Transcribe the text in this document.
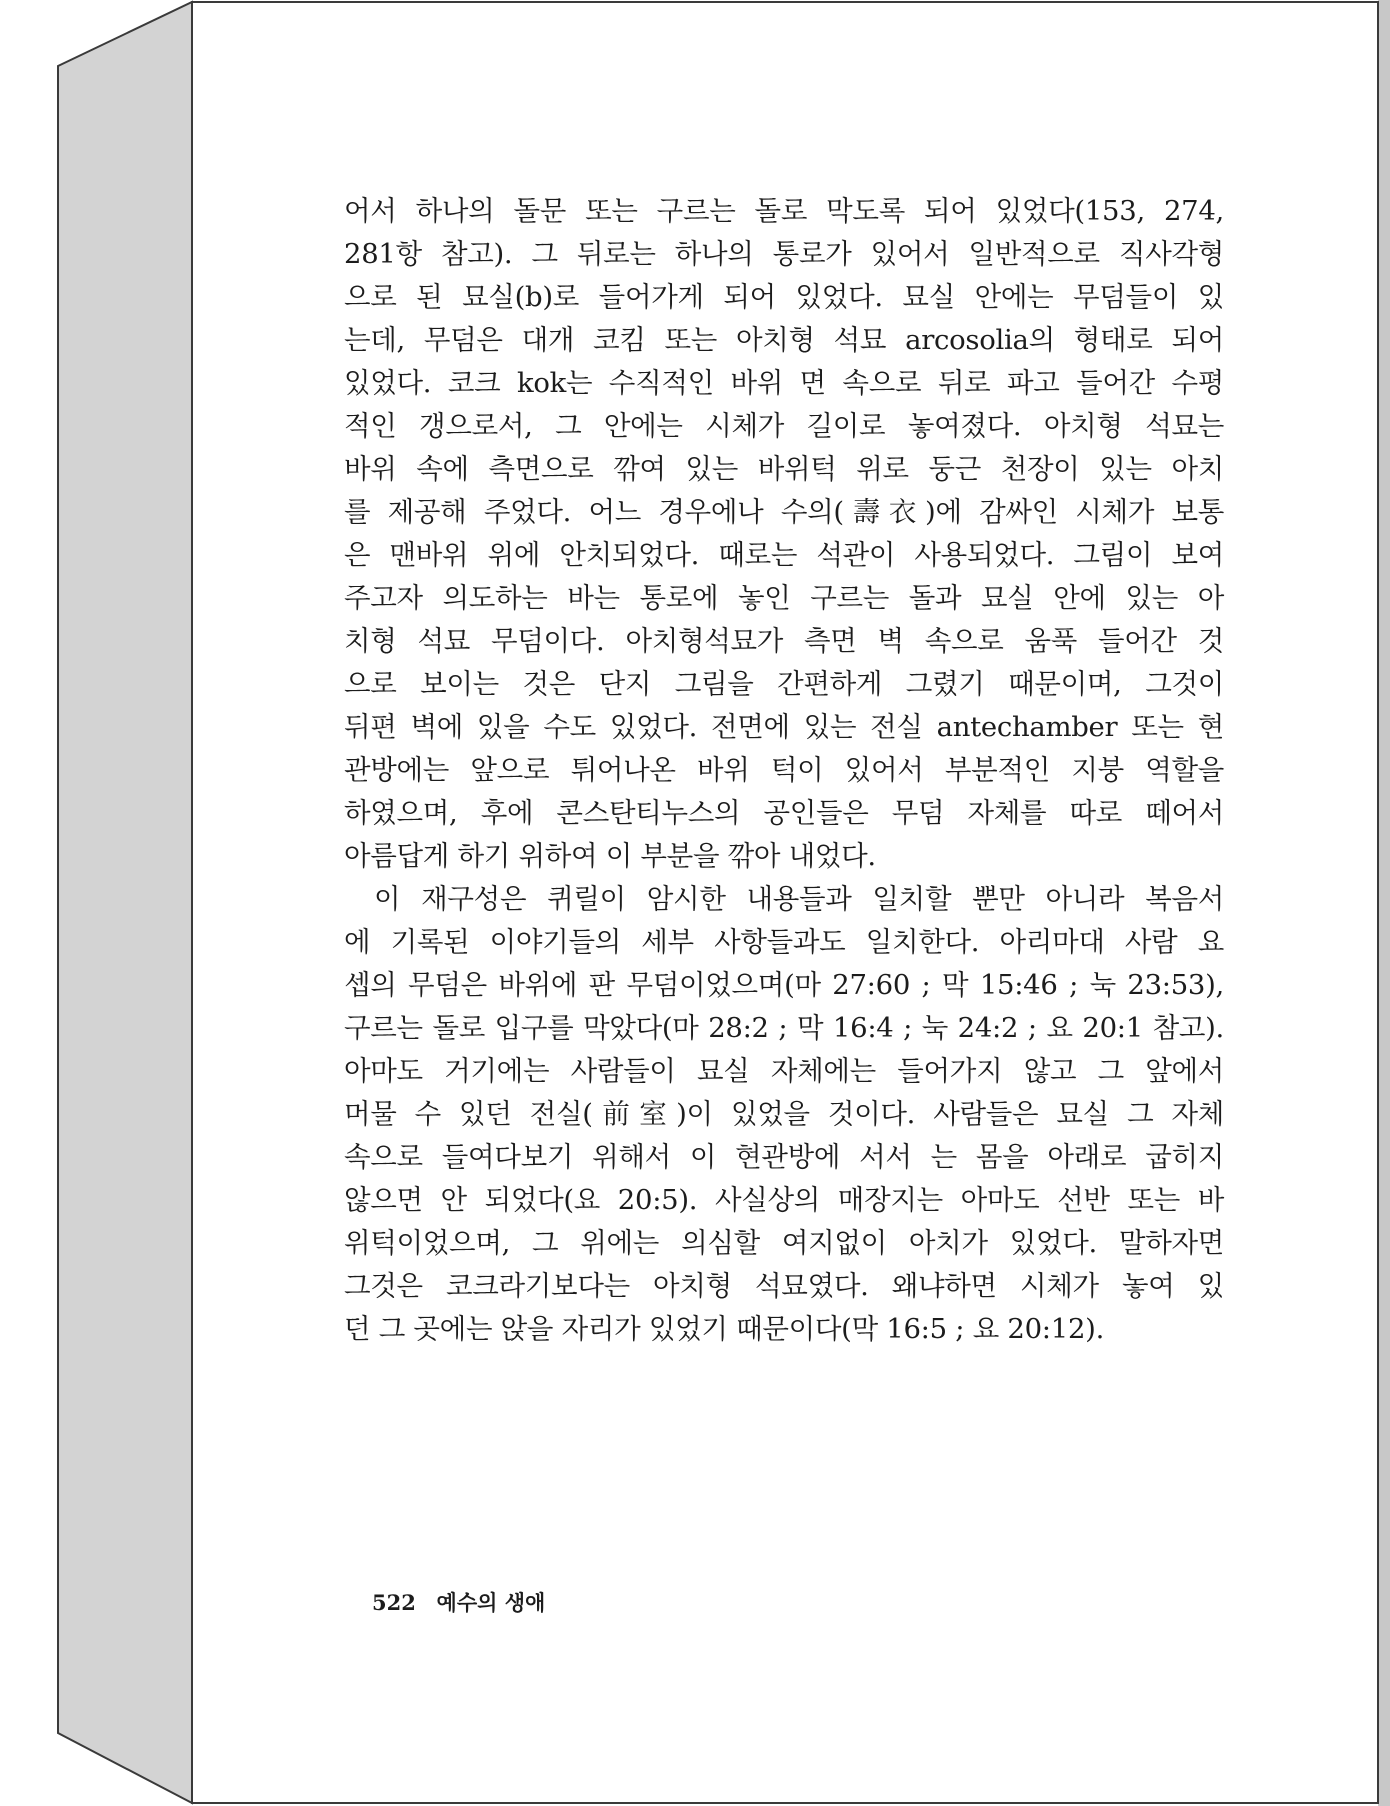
어서 하나의 돌문 또는 구르는 돌로 막도록 되어 있었다(153, 274,
281항 참고). 그 뒤로는 하나의 통로가 있어서 일반적으로 직사각형
으로 된 묘실(b)로 들어가게 되어 있었다. 묘실 안에는 무덤들이 있
는데, 무덤은 대개 코킴 또는 아치형 석묘 arcosolia의 형태로 되어
있었다. 코크 kok는 수직적인 바위 면 속으로 뒤로 파고 들어간 수평
적인 갱으로서, 그 안에는 시체가 길이로 놓여졌다. 아치형 석묘는
바위 속에 측면으로 깎여 있는 바위턱 위로 둥근 천장이 있는 아치
를 제공해 주었다. 어느 경우에나 수의(壽衣)에 감싸인 시체가 보통
은 맨바위 위에 안치되었다. 때로는 석관이 사용되었다. 그림이 보여
주고자 의도하는 바는 통로에 놓인 구르는 돌과 묘실 안에 있는 아
치형 석묘 무덤이다. 아치형석묘가 측면 벽 속으로 움푹 들어간 것
으로 보이는 것은 단지 그림을 간편하게 그렸기 때문이며, 그것이
뒤편 벽에 있을 수도 있었다. 전면에 있는 전실 antechamber 또는 현
관방에는 앞으로 튀어나온 바위 턱이 있어서 부분적인 지붕 역할을
하였으며, 후에 콘스탄티누스의 공인들은 무덤 자체를 따로 떼어서
아름답게 하기 위하여 이 부분을 깎아 내었다.
이 재구성은 퀴릴이 암시한 내용들과 일치할 뿐만 아니라 복음서
에 기록된 이야기들의 세부 사항들과도 일치한다. 아리마대 사람 요
셉의 무덤은 바위에 판 무덤이었으며(마 27:60 ; 막 15:46 ; 눅 23:53),
구르는 돌로 입구를 막았다(마 28:2 ; 막 16:4 ; 눅 24:2 ; 요 20:1 참고).
아마도 거기에는 사람들이 묘실 자체에는 들어가지 않고 그 앞에서
머물 수 있던 전실(前室)이 있었을 것이다. 사람들은 묘실 그 자체
속으로 들여다보기 위해서 이 현관방에 서서 는 몸을 아래로 굽히지
않으면 안 되었다(요 20:5). 사실상의 매장지는 아마도 선반 또는 바
위턱이었으며, 그 위에는 의심할 여지없이 아치가 있었다. 말하자면
그것은 코크라기보다는 아치형 석묘였다. 왜냐하면 시체가 놓여 있
던 그 곳에는 앉을 자리가 있었기 때문이다(막 16:5 ; 요 20:12).
522 예수의 생애
